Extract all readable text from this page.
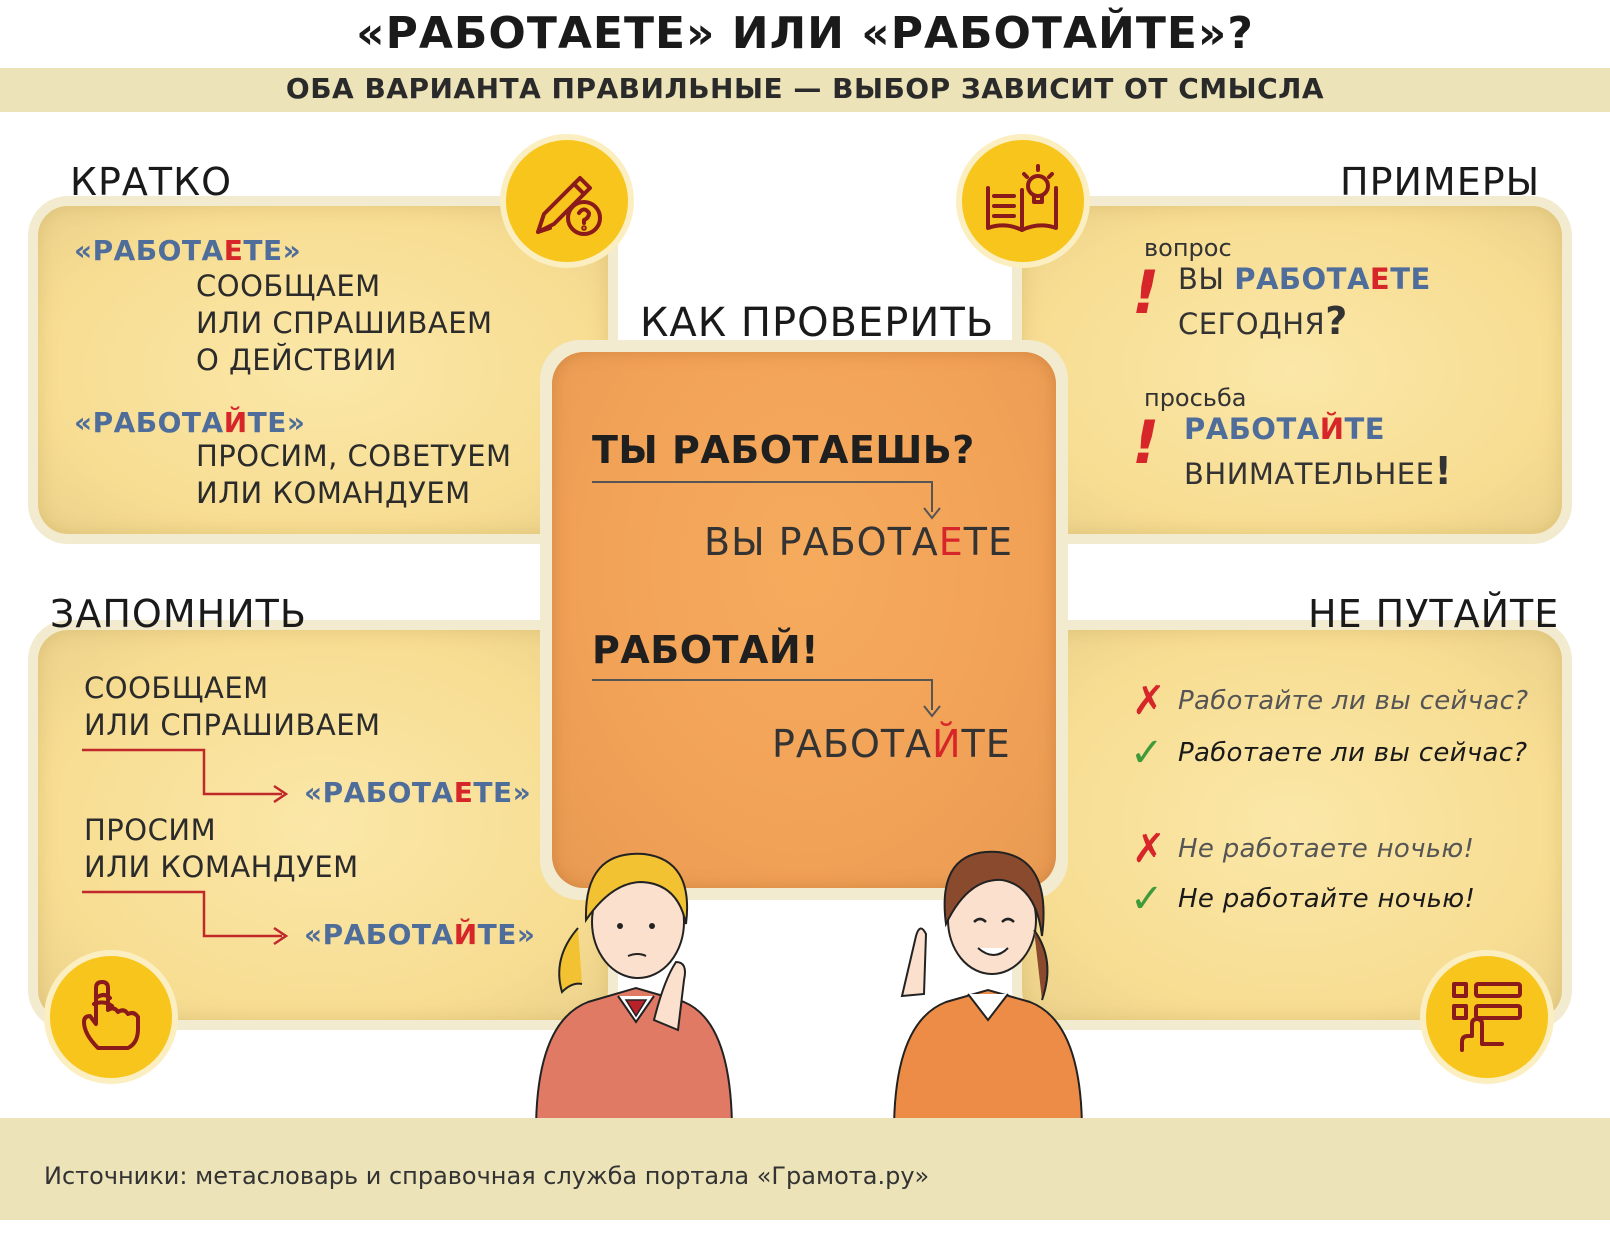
«РАБОТАЕТЕ» ИЛИ «РАБОТАЙТЕ»?
ОБА ВАРИАНТА ПРАВИЛЬНЫЕ — ВЫБОР ЗАВИСИТ ОТ СМЫСЛА
КРАТКО
«РАБОТАЕТЕ»
СООБЩАЕМ
ИЛИ СПРАШИВАЕМ
О ДЕЙСТВИИ
«РАБОТАЙТЕ»
ПРОСИМ, СОВЕТУЕМ
ИЛИ КОМАНДУЕМ
ПРИМЕРЫ
вопрос
! ВЫ РАБОТАЕТЕ
СЕГОДНЯ?
просьба
! РАБОТАЙТЕ
ВНИМАТЕЛЬНЕЕ!
КАК ПРОВЕРИТЬ
ТЫ РАБОТАЕШЬ?
ВЫ РАБОТАЕТЕ
РАБОТАЙ!
РАБОТАЙТЕ
ЗАПОМНИТЬ
СООБЩАЕМ
ИЛИ СПРАШИВАЕМ
«РАБОТАЕТЕ»
ПРОСИМ
ИЛИ КОМАНДУЕМ
«РАБОТАЙТЕ»
НЕ ПУТАЙТЕ
✗ Работайте ли вы сейчас?
✓ Работаете ли вы сейчас?
✗ Не работаете ночью!
✓ Не работайте ночью!
Источники: метасловарь и справочная служба портала «Грамота.ру»
